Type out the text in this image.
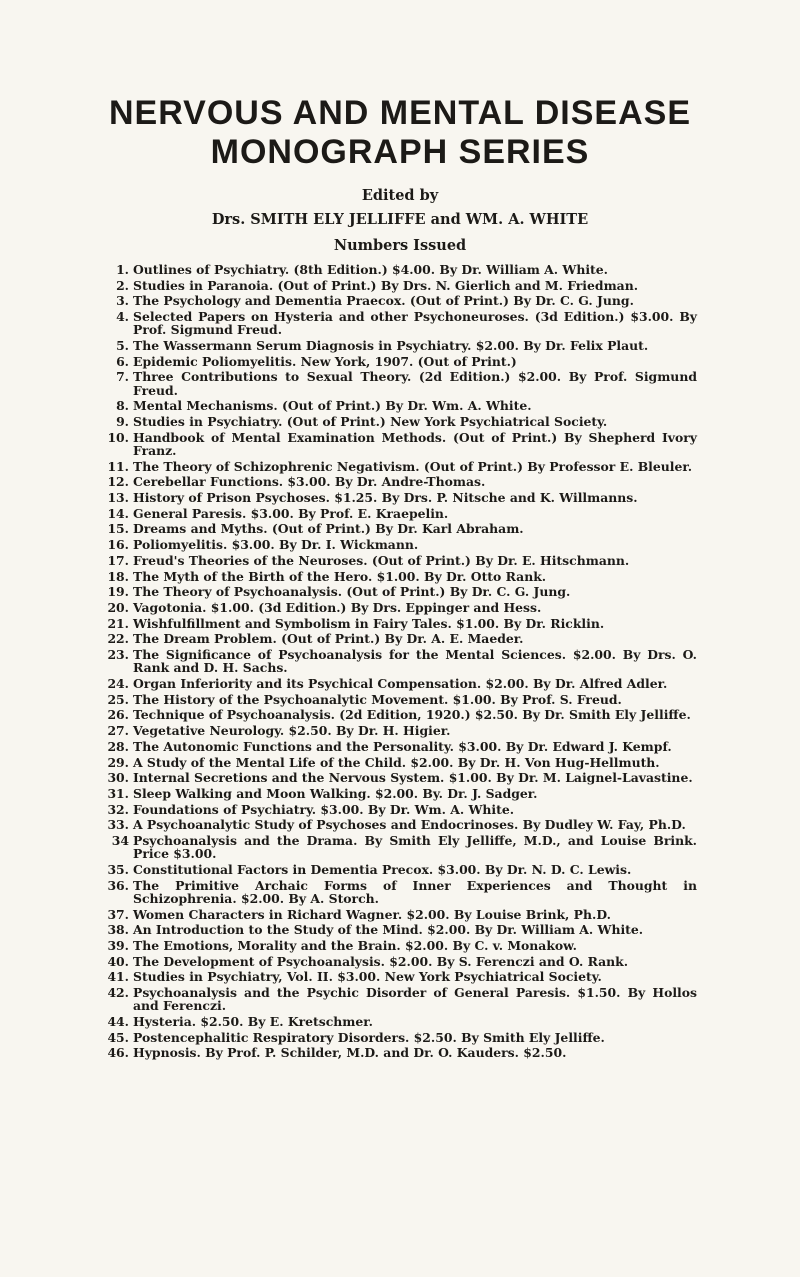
NERVOUS AND MENTAL DISEASE
MONOGRAPH SERIES
Edited by
Drs. SMITH ELY JELLIFFE and WM. A. WHITE
Numbers Issued
1. Outlines of Psychiatry. (8th Edition.) $4.00. By Dr. William A. White.
2. Studies in Paranoia. (Out of Print.) By Drs. N. Gierlich and M. Friedman.
3. The Psychology and Dementia Praecox. (Out of Print.) By Dr. C. G. Jung.
4. Selected Papers on Hysteria and other Psychoneuroses. (3d Edition.) $3.00. By Prof. Sigmund Freud.
5. The Wassermann Serum Diagnosis in Psychiatry. $2.00. By Dr. Felix Plaut.
6. Epidemic Poliomyelitis. New York, 1907. (Out of Print.)
7. Three Contributions to Sexual Theory. (2d Edition.) $2.00. By Prof. Sigmund Freud.
8. Mental Mechanisms. (Out of Print.) By Dr. Wm. A. White.
9. Studies in Psychiatry. (Out of Print.) New York Psychiatrical Society.
10. Handbook of Mental Examination Methods. (Out of Print.) By Shepherd Ivory Franz.
11. The Theory of Schizophrenic Negativism. (Out of Print.) By Professor E. Bleuler.
12. Cerebellar Functions. $3.00. By Dr. Andre-Thomas.
13. History of Prison Psychoses. $1.25. By Drs. P. Nitsche and K. Willmanns.
14. General Paresis. $3.00. By Prof. E. Kraepelin.
15. Dreams and Myths. (Out of Print.) By Dr. Karl Abraham.
16. Poliomyelitis. $3.00. By Dr. I. Wickmann.
17. Freud's Theories of the Neuroses. (Out of Print.) By Dr. E. Hitschmann.
18. The Myth of the Birth of the Hero. $1.00. By Dr. Otto Rank.
19. The Theory of Psychoanalysis. (Out of Print.) By Dr. C. G. Jung.
20. Vagotonia. $1.00. (3d Edition.) By Drs. Eppinger and Hess.
21. Wishfulfillment and Symbolism in Fairy Tales. $1.00. By Dr. Ricklin.
22. The Dream Problem. (Out of Print.) By Dr. A. E. Maeder.
23. The Significance of Psychoanalysis for the Mental Sciences. $2.00. By Drs. O. Rank and D. H. Sachs.
24. Organ Inferiority and its Psychical Compensation. $2.00. By Dr. Alfred Adler.
25. The History of the Psychoanalytic Movement. $1.00. By Prof. S. Freud.
26. Technique of Psychoanalysis. (2d Edition, 1920.) $2.50. By Dr. Smith Ely Jelliffe.
27. Vegetative Neurology. $2.50. By Dr. H. Higier.
28. The Autonomic Functions and the Personality. $3.00. By Dr. Edward J. Kempf.
29. A Study of the Mental Life of the Child. $2.00. By Dr. H. Von Hug-Hellmuth.
30. Internal Secretions and the Nervous System. $1.00. By Dr. M. Laignel-Lavastine.
31. Sleep Walking and Moon Walking. $2.00. By. Dr. J. Sadger.
32. Foundations of Psychiatry. $3.00. By Dr. Wm. A. White.
33. A Psychoanalytic Study of Psychoses and Endocrinoses. By Dudley W. Fay, Ph.D.
34 Psychoanalysis and the Drama. By Smith Ely Jelliffe, M.D., and Louise Brink. Price $3.00.
35. Constitutional Factors in Dementia Precox. $3.00. By Dr. N. D. C. Lewis.
36. The Primitive Archaic Forms of Inner Experiences and Thought in Schizophrenia. $2.00. By A. Storch.
37. Women Characters in Richard Wagner. $2.00. By Louise Brink, Ph.D.
38. An Introduction to the Study of the Mind. $2.00. By Dr. William A. White.
39. The Emotions, Morality and the Brain. $2.00. By C. v. Monakow.
40. The Development of Psychoanalysis. $2.00. By S. Ferenczi and O. Rank.
41. Studies in Psychiatry, Vol. II. $3.00. New York Psychiatrical Society.
42. Psychoanalysis and the Psychic Disorder of General Paresis. $1.50. By Hollos and Ferenczi.
44. Hysteria. $2.50. By E. Kretschmer.
45. Postencephalitic Respiratory Disorders. $2.50. By Smith Ely Jelliffe.
46. Hypnosis. By Prof. P. Schilder, M.D. and Dr. O. Kauders. $2.50.
